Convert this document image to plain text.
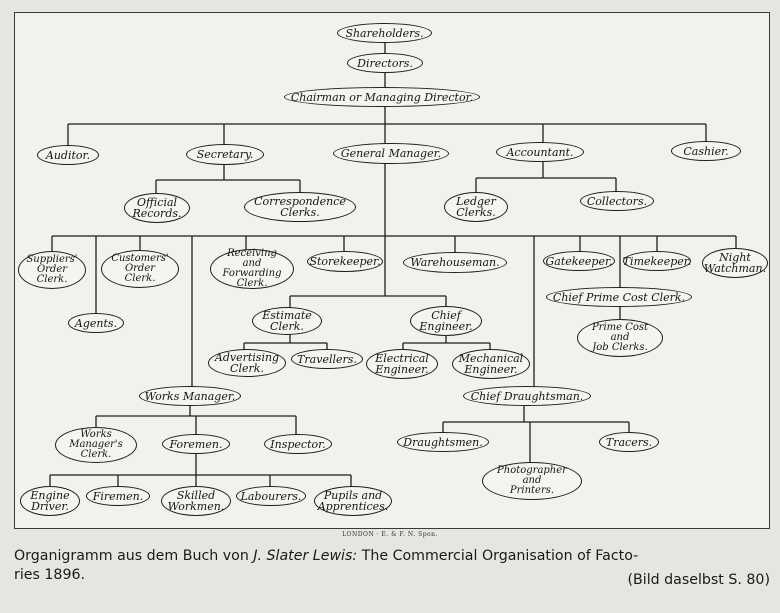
Shareholders.
Directors.
Chairman or Managing Director.
Auditor.	Secretary.	General Manager.	Accountant.	Cashier.
Official
Records.
Correspondence
Clerks.
Ledger
Clerks.
Collectors.
Suppliers'
Order
Clerk.
Customers'
Order
Clerk.
Receiving
and
Forwarding
Clerk.
Storekeeper.	Warehouseman.	Gatekeeper. Timekeeper.	Night
Watchman.
Agents.
Chief Prime Cost Clerk.
Prime Cost
and
Job Clerks.
Estimate
Clerk.
Chief
Engineer.
Advertising
Clerk.
Travellers.	Electrical
Engineer.
Mechanical
Engineer.
Works Manager.	Chief Draughtsman.
Works
Manager's
Clerk.
Foremen.	Inspector.	Draughtsmen.	Tracers.
Photographer
and
Printers.
Engine
Driver.
Firemen.	Skilled
Workmen.
Labourers.	Pupils and
Apprentices.
LONDON · E. & F. N. Spon.
Organigramm aus dem Buch von J. Slater Lewis: The Commercial Organisation of Facto-
ries 1896.	(Bild daselbst S. 80)
